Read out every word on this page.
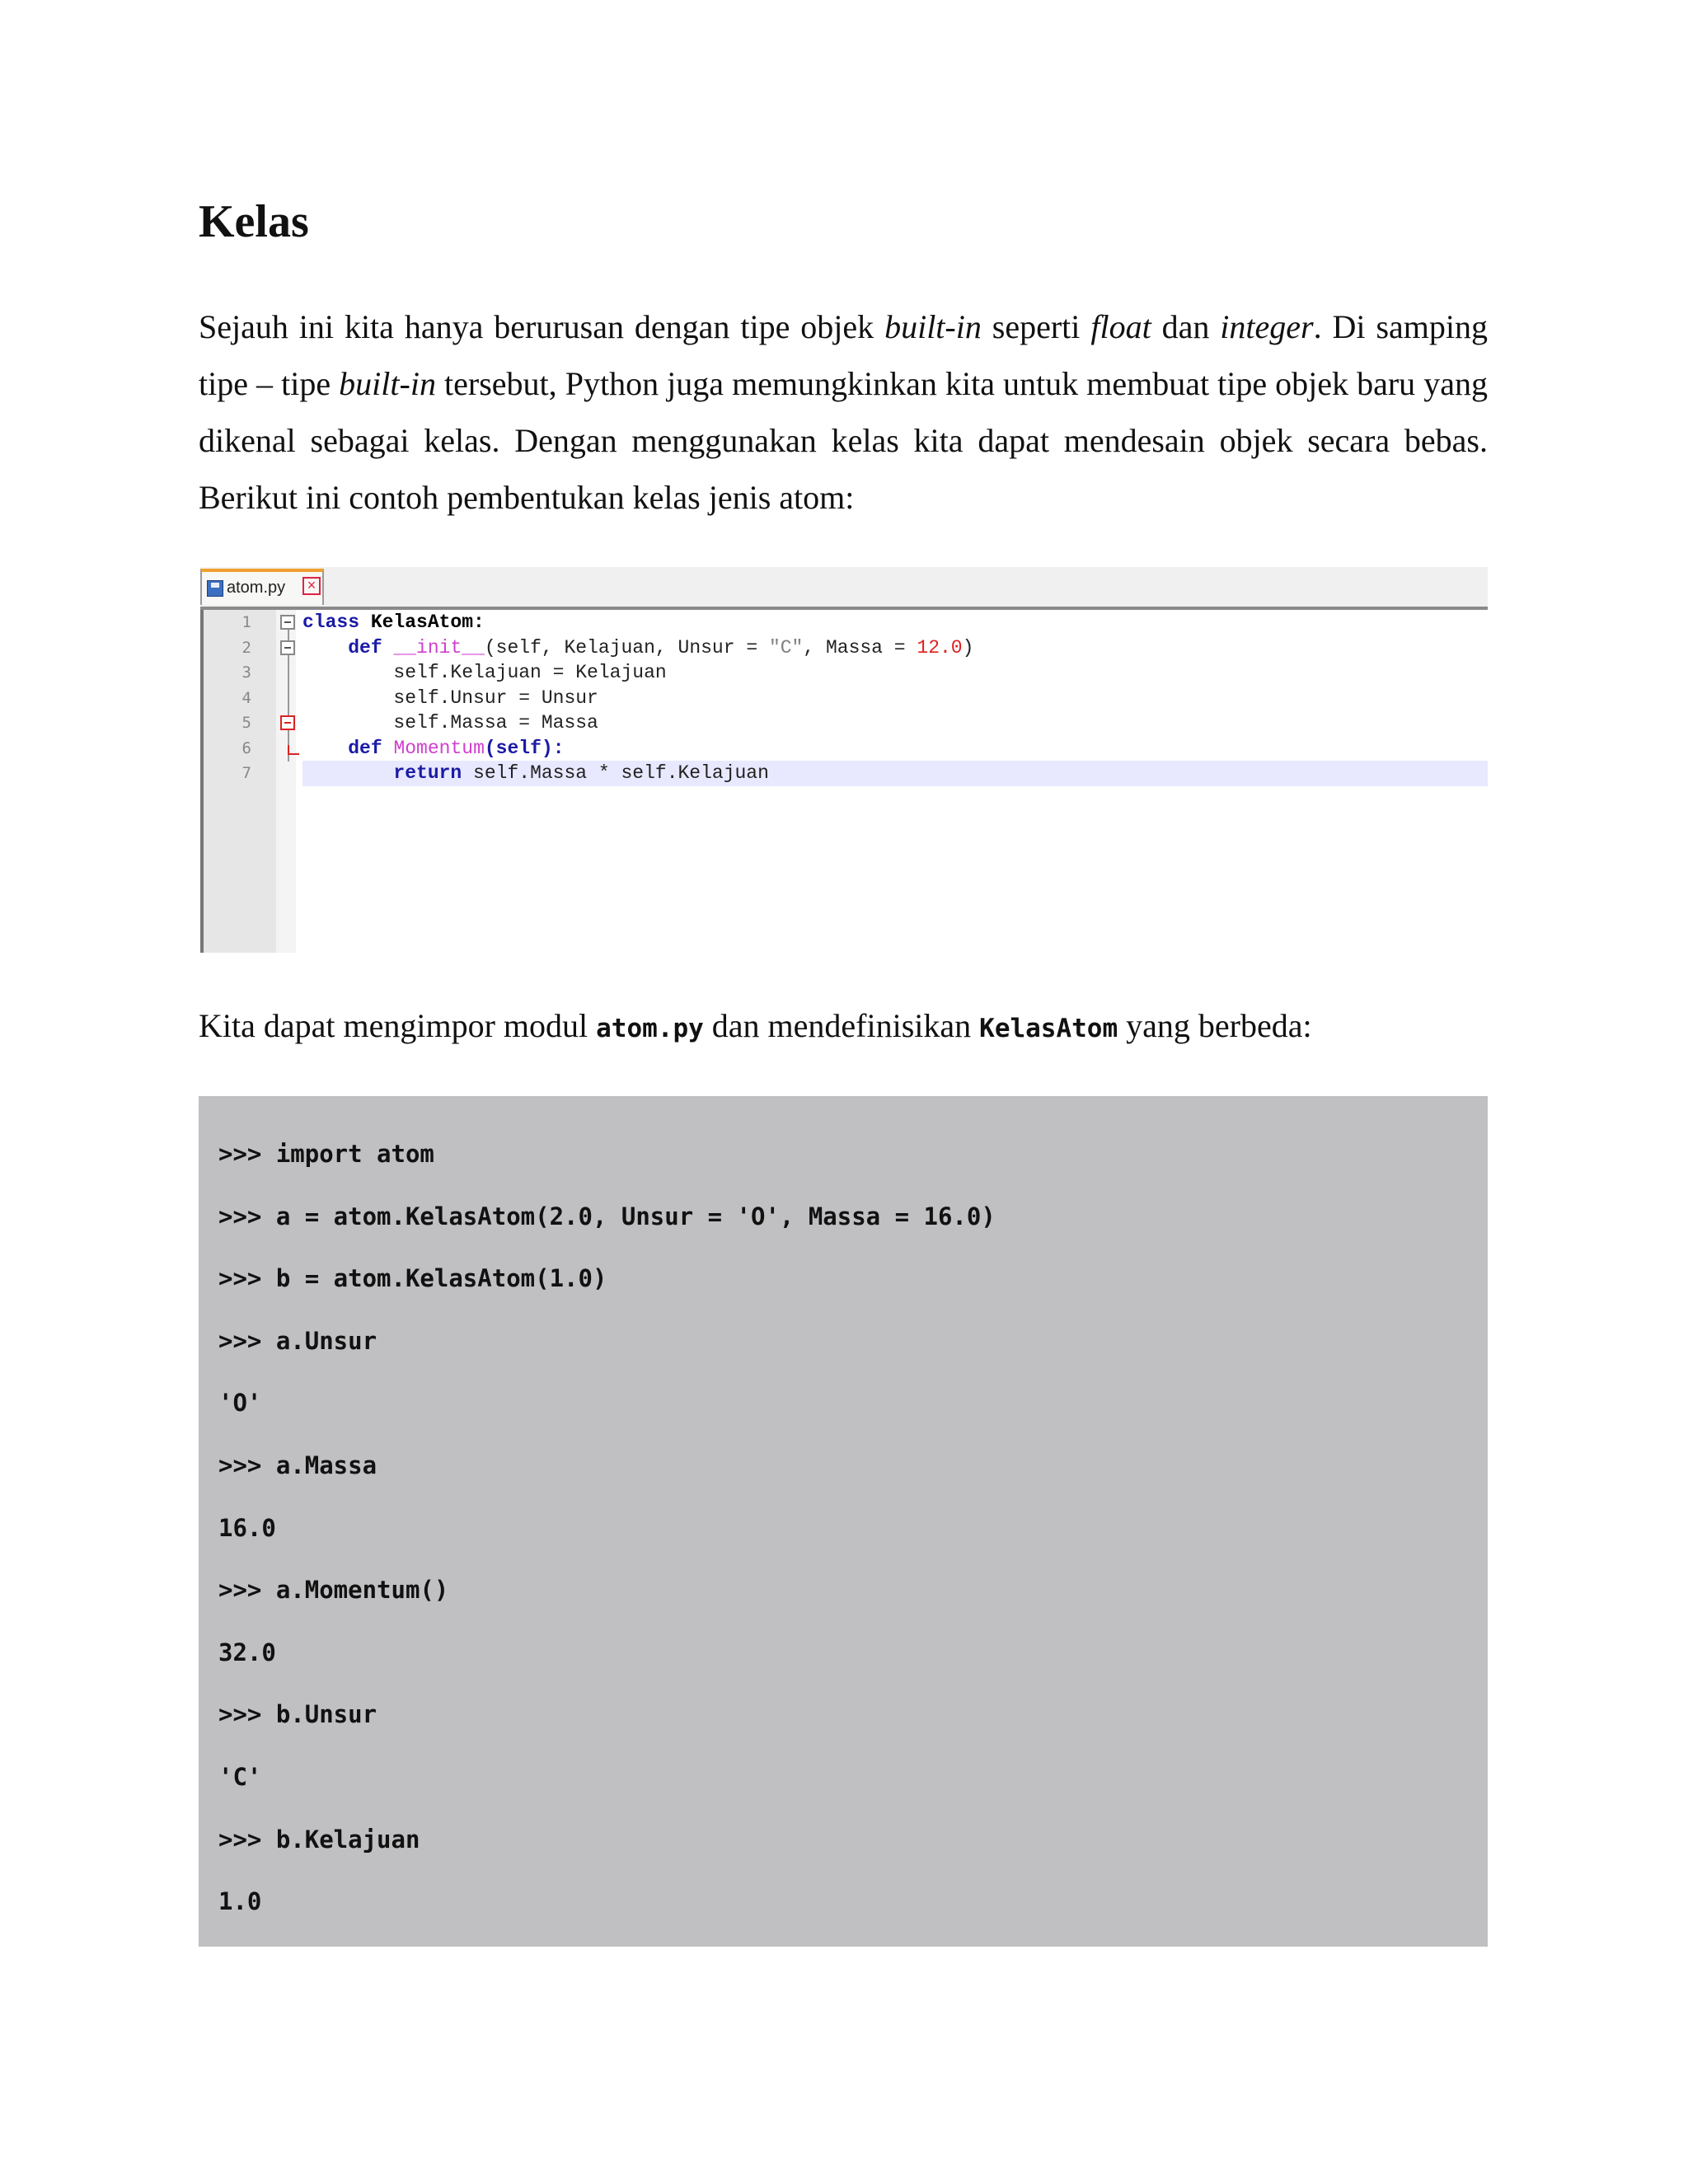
Kelas

Sejauh ini kita hanya berurusan dengan tipe objek built-in seperti float dan integer. Di samping tipe – tipe built-in tersebut, Python juga memungkinkan kita untuk membuat tipe objek baru yang dikenal sebagai kelas. Dengan menggunakan kelas kita dapat mendesain objek secara bebas. Berikut ini contoh pembentukan kelas jenis atom:

atom.py	×
1
2
3
4
5
6
7
class KelasAtom:
def __init__(self, Kelajuan, Unsur = "C", Massa = 12.0)
self.Kelajuan = Kelajuan
self.Unsur = Unsur
self.Massa = Massa
def Momentum(self):
return self.Massa * self.Kelajuan

Kita dapat mengimpor modul atom.py dan mendefinisikan KelasAtom yang berbeda:

>>> import atom
>>> a = atom.KelasAtom(2.0, Unsur = 'O', Massa = 16.0)
>>> b = atom.KelasAtom(1.0)
>>> a.Unsur
'O'
>>> a.Massa
16.0
>>> a.Momentum()
32.0
>>> b.Unsur
'C'
>>> b.Kelajuan
1.0
